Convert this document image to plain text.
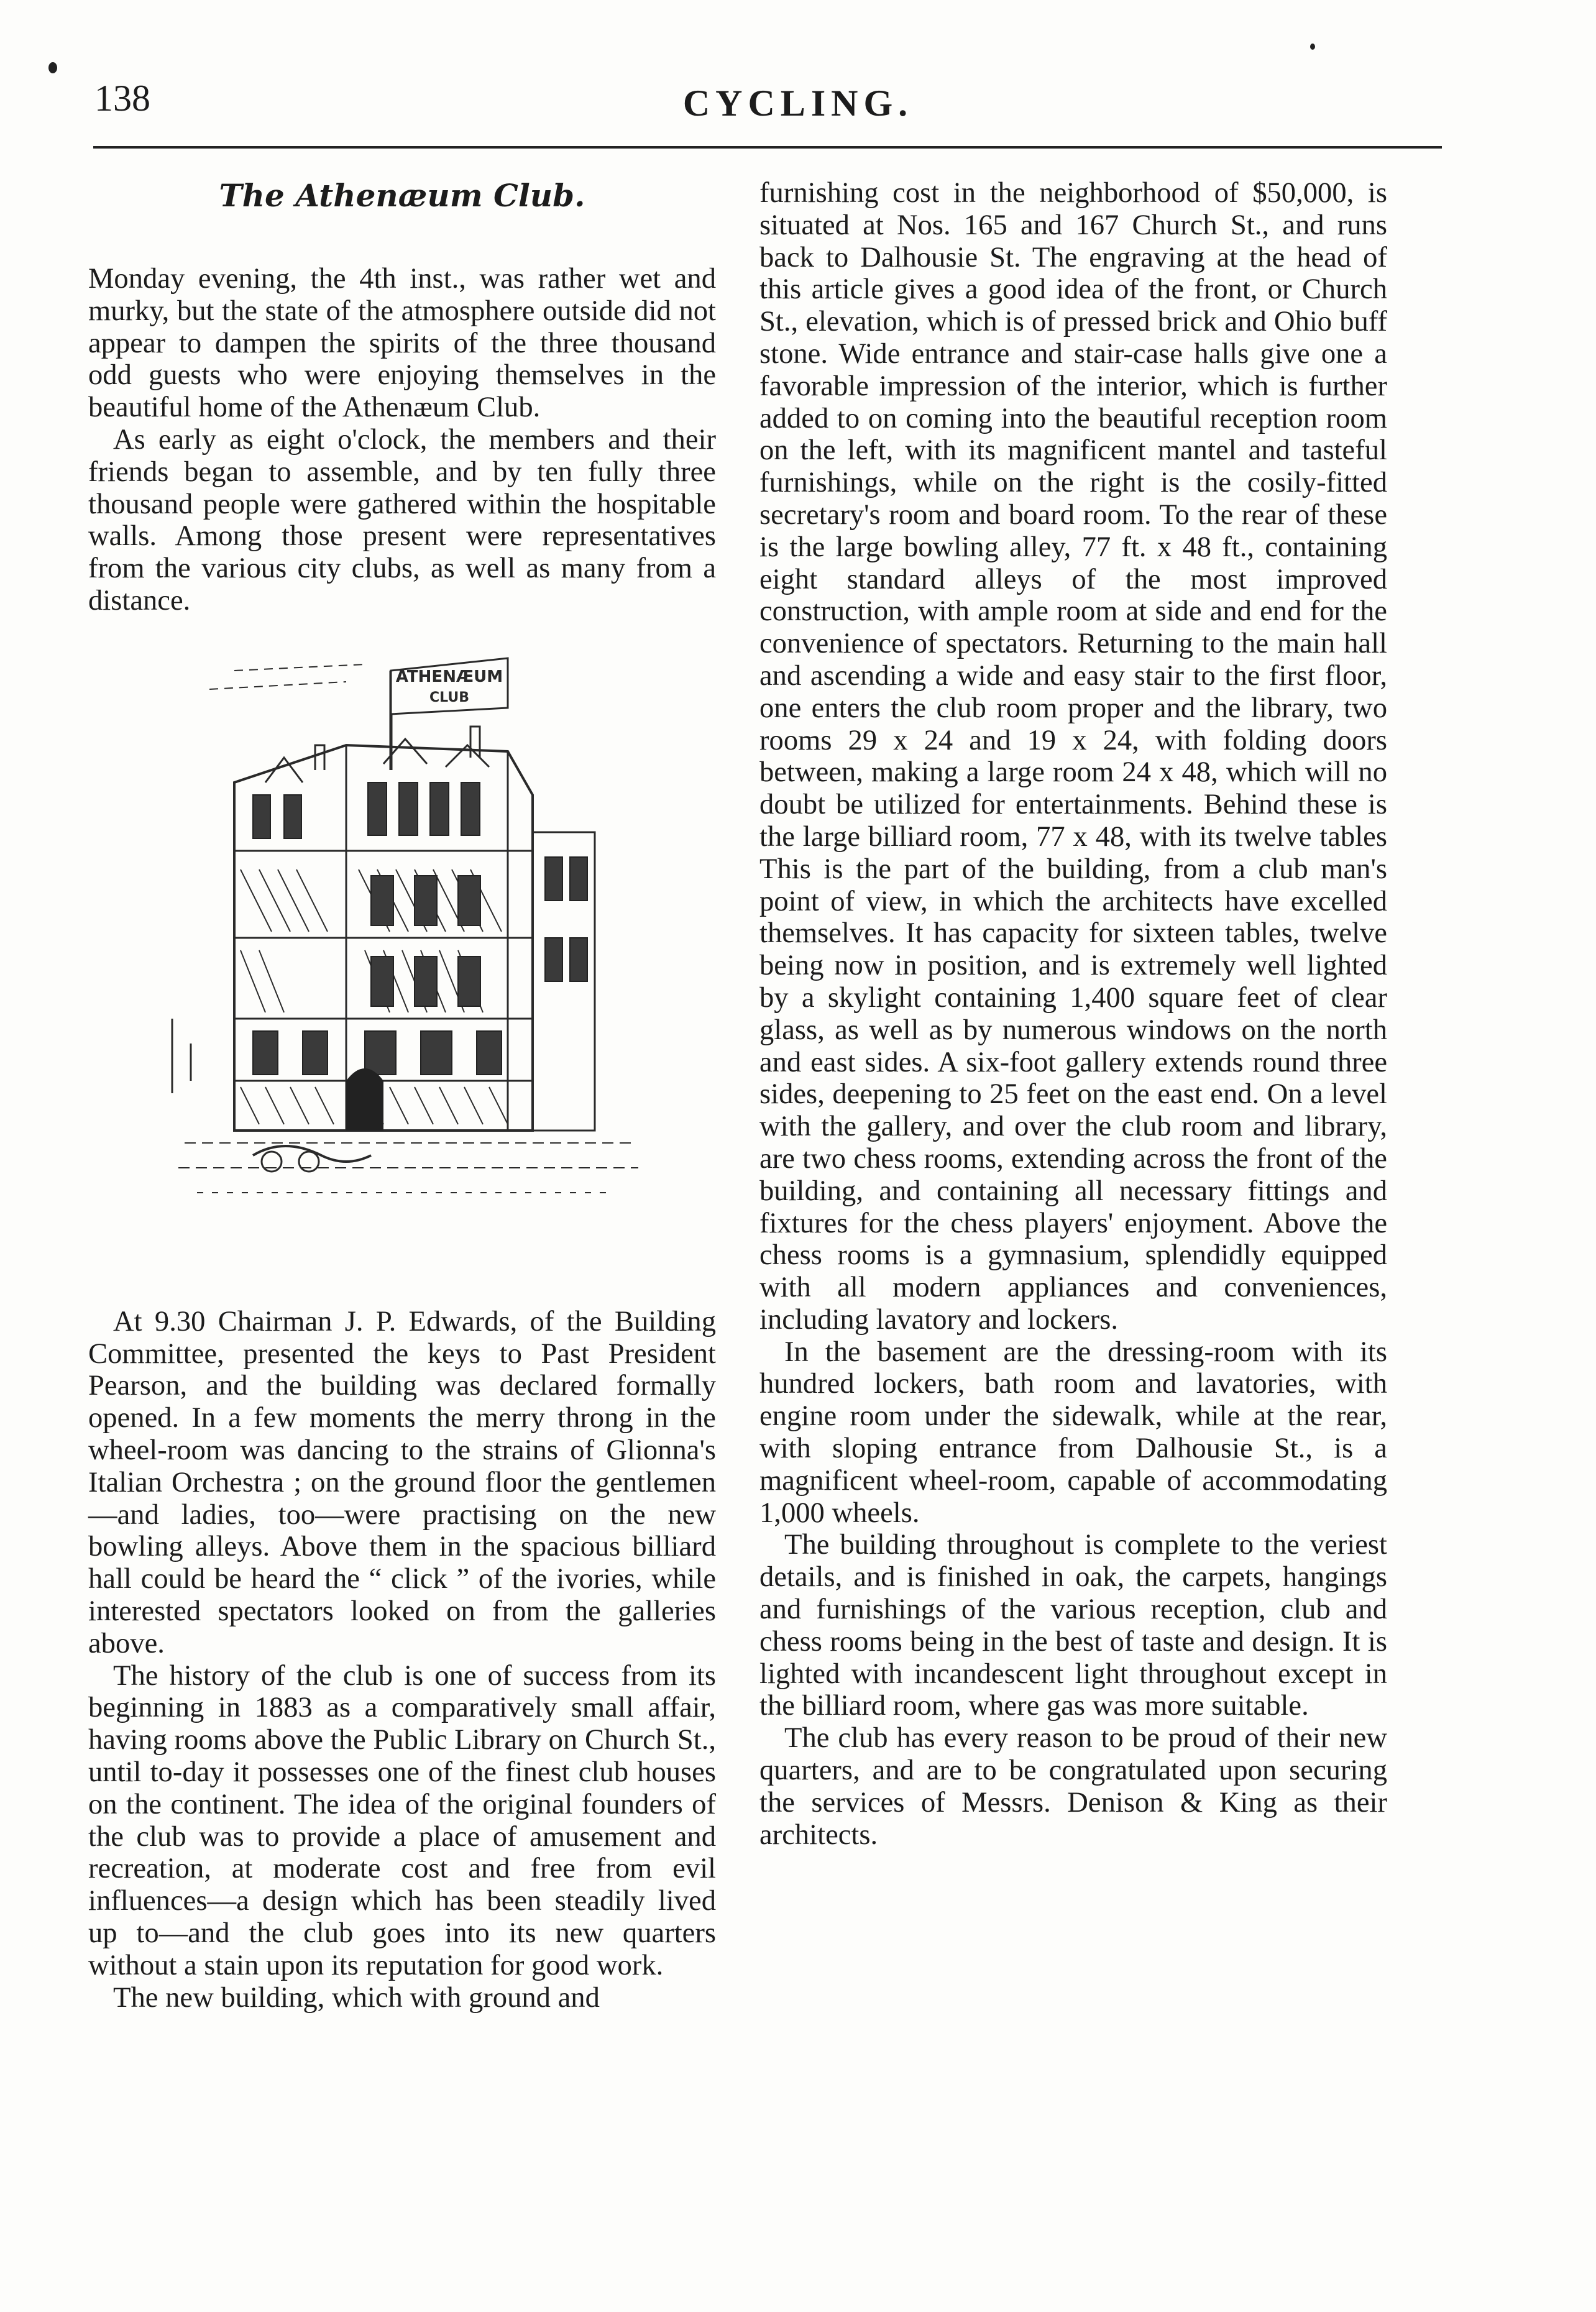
138	CYCLING.
The Athenæum Club.

Monday evening, the 4th inst., was rather wet and murky, but the state of the atmosphere outside did not appear to dampen the spirits of the three thousand odd guests who were enjoying themselves in the beautiful home of the Athenæum Club.

As early as eight o'clock, the members and their friends began to assemble, and by ten fully three thousand people were gathered within the hospitable walls. Among those present were representatives from the various city clubs, as well as many from a distance.

ATHENÆUM
CLUB

At 9.30 Chairman J. P. Edwards, of the Building Committee, presented the keys to Past President Pearson, and the building was declared formally opened. In a few moments the merry throng in the wheel-room was dancing to the strains of Glionna's Italian Orchestra ; on the ground floor the gentlemen—and ladies, too—were practising on the new bowling alleys. Above them in the spacious billiard hall could be heard the “ click ” of the ivories, while interested spectators looked on from the galleries above.

The history of the club is one of success from its beginning in 1883 as a comparatively small affair, having rooms above the Public Library on Church St., until to-day it possesses one of the finest club houses on the continent. The idea of the original founders of the club was to provide a place of amusement and recreation, at moderate cost and free from evil influences—a design which has been steadily lived up to—and the club goes into its new quarters without a stain upon its reputation for good work.

The new building, which with ground and

furnishing cost in the neighborhood of $50,000, is situated at Nos. 165 and 167 Church St., and runs back to Dalhousie St. The engraving at the head of this article gives a good idea of the front, or Church St., elevation, which is of pressed brick and Ohio buff stone. Wide entrance and stair-case halls give one a favorable impression of the interior, which is further added to on coming into the beautiful reception room on the left, with its magnificent mantel and tasteful furnishings, while on the right is the cosily-fitted secretary's room and board room. To the rear of these is the large bowling alley, 77 ft. x 48 ft., containing eight standard alleys of the most improved construction, with ample room at side and end for the convenience of spectators. Returning to the main hall and ascending a wide and easy stair to the first floor, one enters the club room proper and the library, two rooms 29 x 24 and 19 x 24, with folding doors between, making a large room 24 x 48, which will no doubt be utilized for entertainments. Behind these is the large billiard room, 77 x 48, with its twelve tables This is the part of the building, from a club man's point of view, in which the architects have excelled themselves. It has capacity for sixteen tables, twelve being now in position, and is extremely well lighted by a skylight containing 1,400 square feet of clear glass, as well as by numerous windows on the north and east sides. A six-foot gallery extends round three sides, deepening to 25 feet on the east end. On a level with the gallery, and over the club room and library, are two chess rooms, extending across the front of the building, and containing all necessary fittings and fixtures for the chess players' enjoyment. Above the chess rooms is a gymnasium, splendidly equipped with all modern appliances and conveniences, including lavatory and lockers.

In the basement are the dressing-room with its hundred lockers, bath room and lavatories, with engine room under the sidewalk, while at the rear, with sloping entrance from Dalhousie St., is a magnificent wheel-room, capable of accommodating 1,000 wheels.

The building throughout is complete to the veriest details, and is finished in oak, the carpets, hangings and furnishings of the various reception, club and chess rooms being in the best of taste and design. It is lighted with incandescent light throughout except in the billiard room, where gas was more suitable.

The club has every reason to be proud of their new quarters, and are to be congratulated upon securing the services of Messrs. Denison & King as their architects.
